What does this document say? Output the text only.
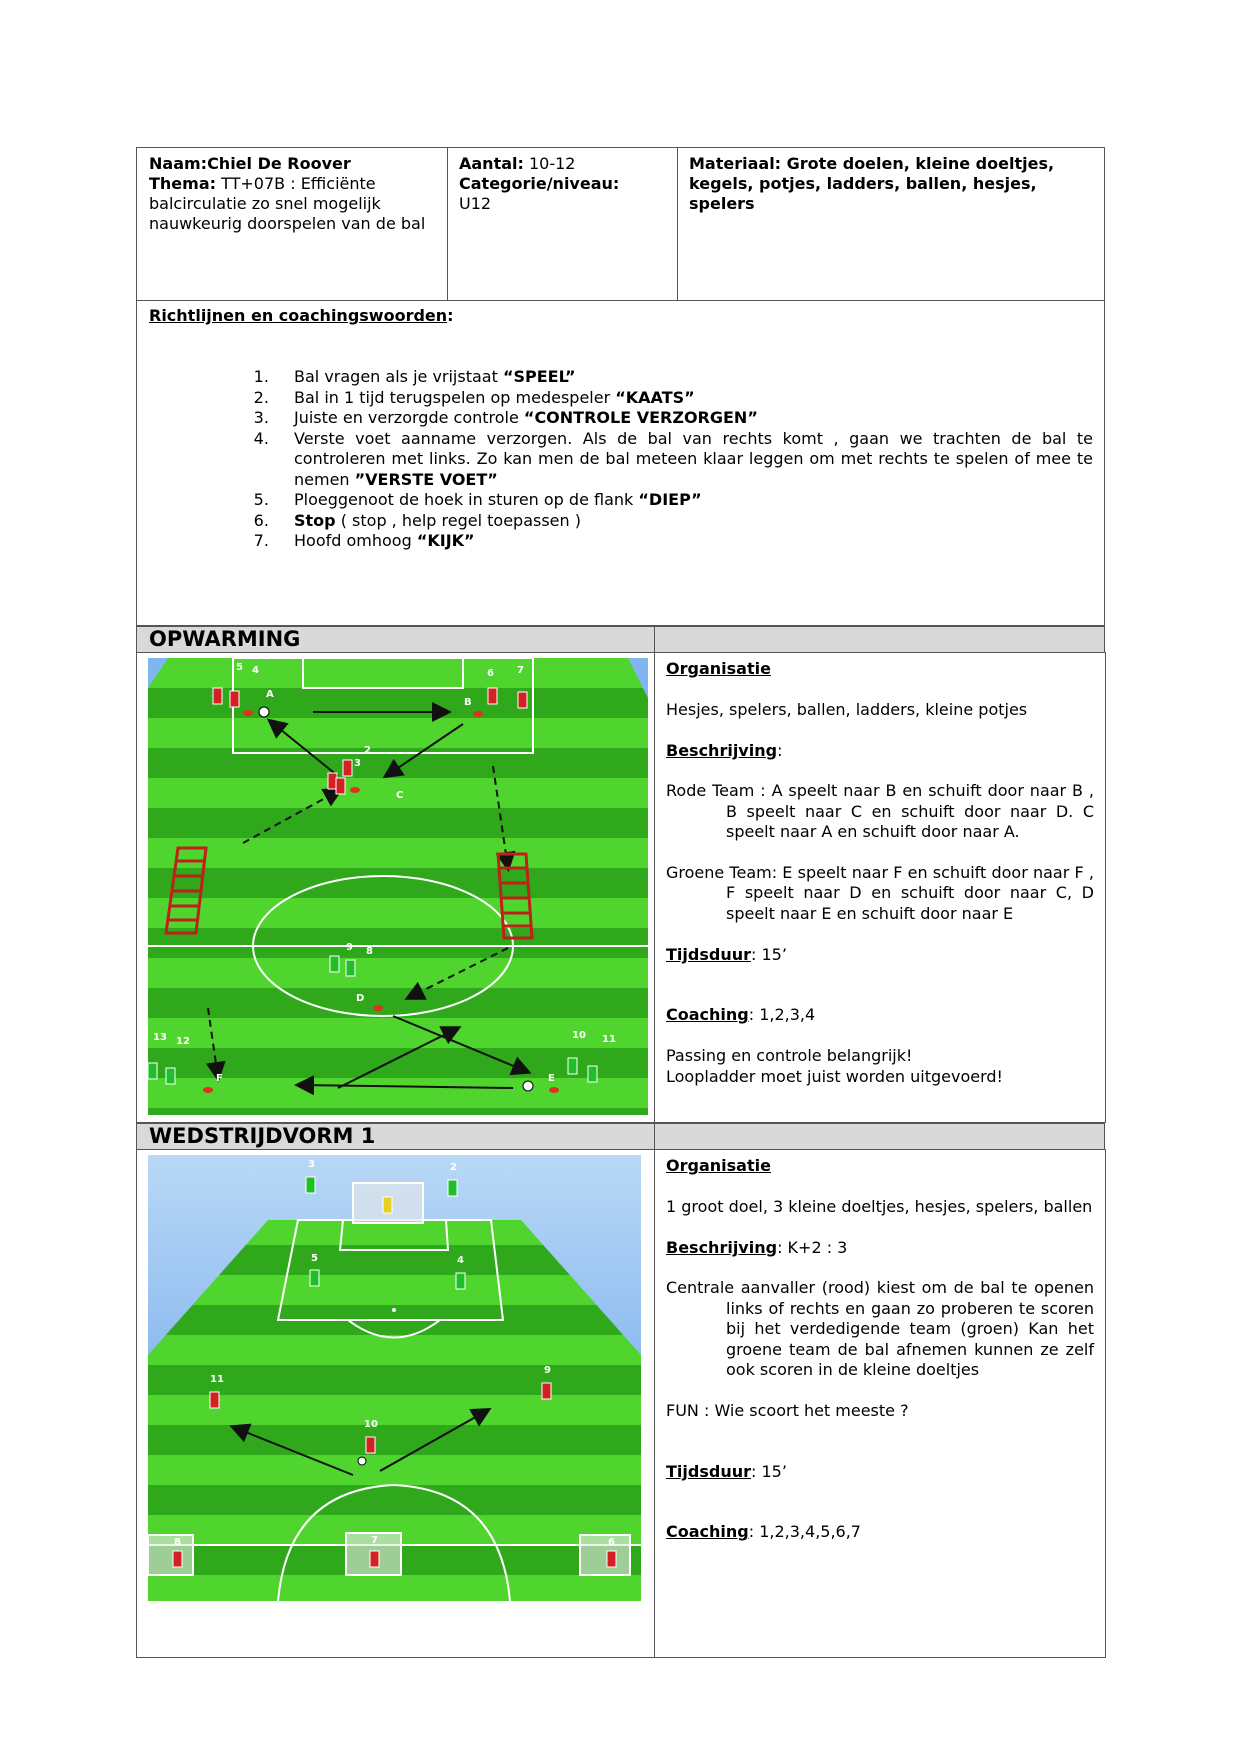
Naam:Chiel De Roover
Thema: TT+07B : Efficiënte balcirculatie zo snel mogelijk nauwkeurig doorspelen van de bal
Aantal: 10-12
Categorie/niveau:
U12
Materiaal: Grote doelen, kleine doeltjes, kegels, potjes, ladders, ballen, hesjes, spelers
Richtlijnen en coachingswoorden:
1. Bal vragen als je vrijstaat “SPEEL”
2. Bal in 1 tijd terugspelen op medespeler “KAATS”
3. Juiste en verzorgde controle “CONTROLE VERZORGEN”
4. Verste voet aanname verzorgen. Als de bal van rechts komt , gaan we trachten de bal te controleren met links. Zo kan men de bal meteen klaar leggen om met rechts te spelen of mee te nemen ”VERSTE VOET”
5. Ploeggenoot de hoek in sturen op de flank “DIEP”
6. Stop ( stop , help regel toepassen )
7. Hoofd omhoog “KIJK”
OPWARMING
5 4
A
B
6 7
2
3
C
9 8
D
13 12
F	E
10 11

Organisatie

Hesjes, spelers, ballen, ladders, kleine potjes

Beschrijving:

Rode Team : A speelt naar B en schuift door naar B , B speelt naar C en schuift door naar D. C speelt naar A en schuift door naar A.

Groene Team: E speelt naar F en schuift door naar F , F speelt naar D en schuift door naar C, D speelt naar E en schuift door naar E

Tijdsduur: 15’

Coaching: 1,2,3,4

Passing en controle belangrijk!
Loopladder moet juist worden uitgevoerd!
WEDSTRIJDVORM 1
3	2
5	4
11
9
10
8	7	6

Organisatie

1 groot doel, 3 kleine doeltjes, hesjes, spelers, ballen

Beschrijving: K+2 : 3

Centrale aanvaller (rood) kiest om de bal te openen links of rechts en gaan zo proberen te scoren bij het verdedigende team (groen) Kan het groene team de bal afnemen kunnen ze zelf ook scoren in de kleine doeltjes

FUN : Wie scoort het meeste ?

Tijdsduur: 15’

Coaching: 1,2,3,4,5,6,7
